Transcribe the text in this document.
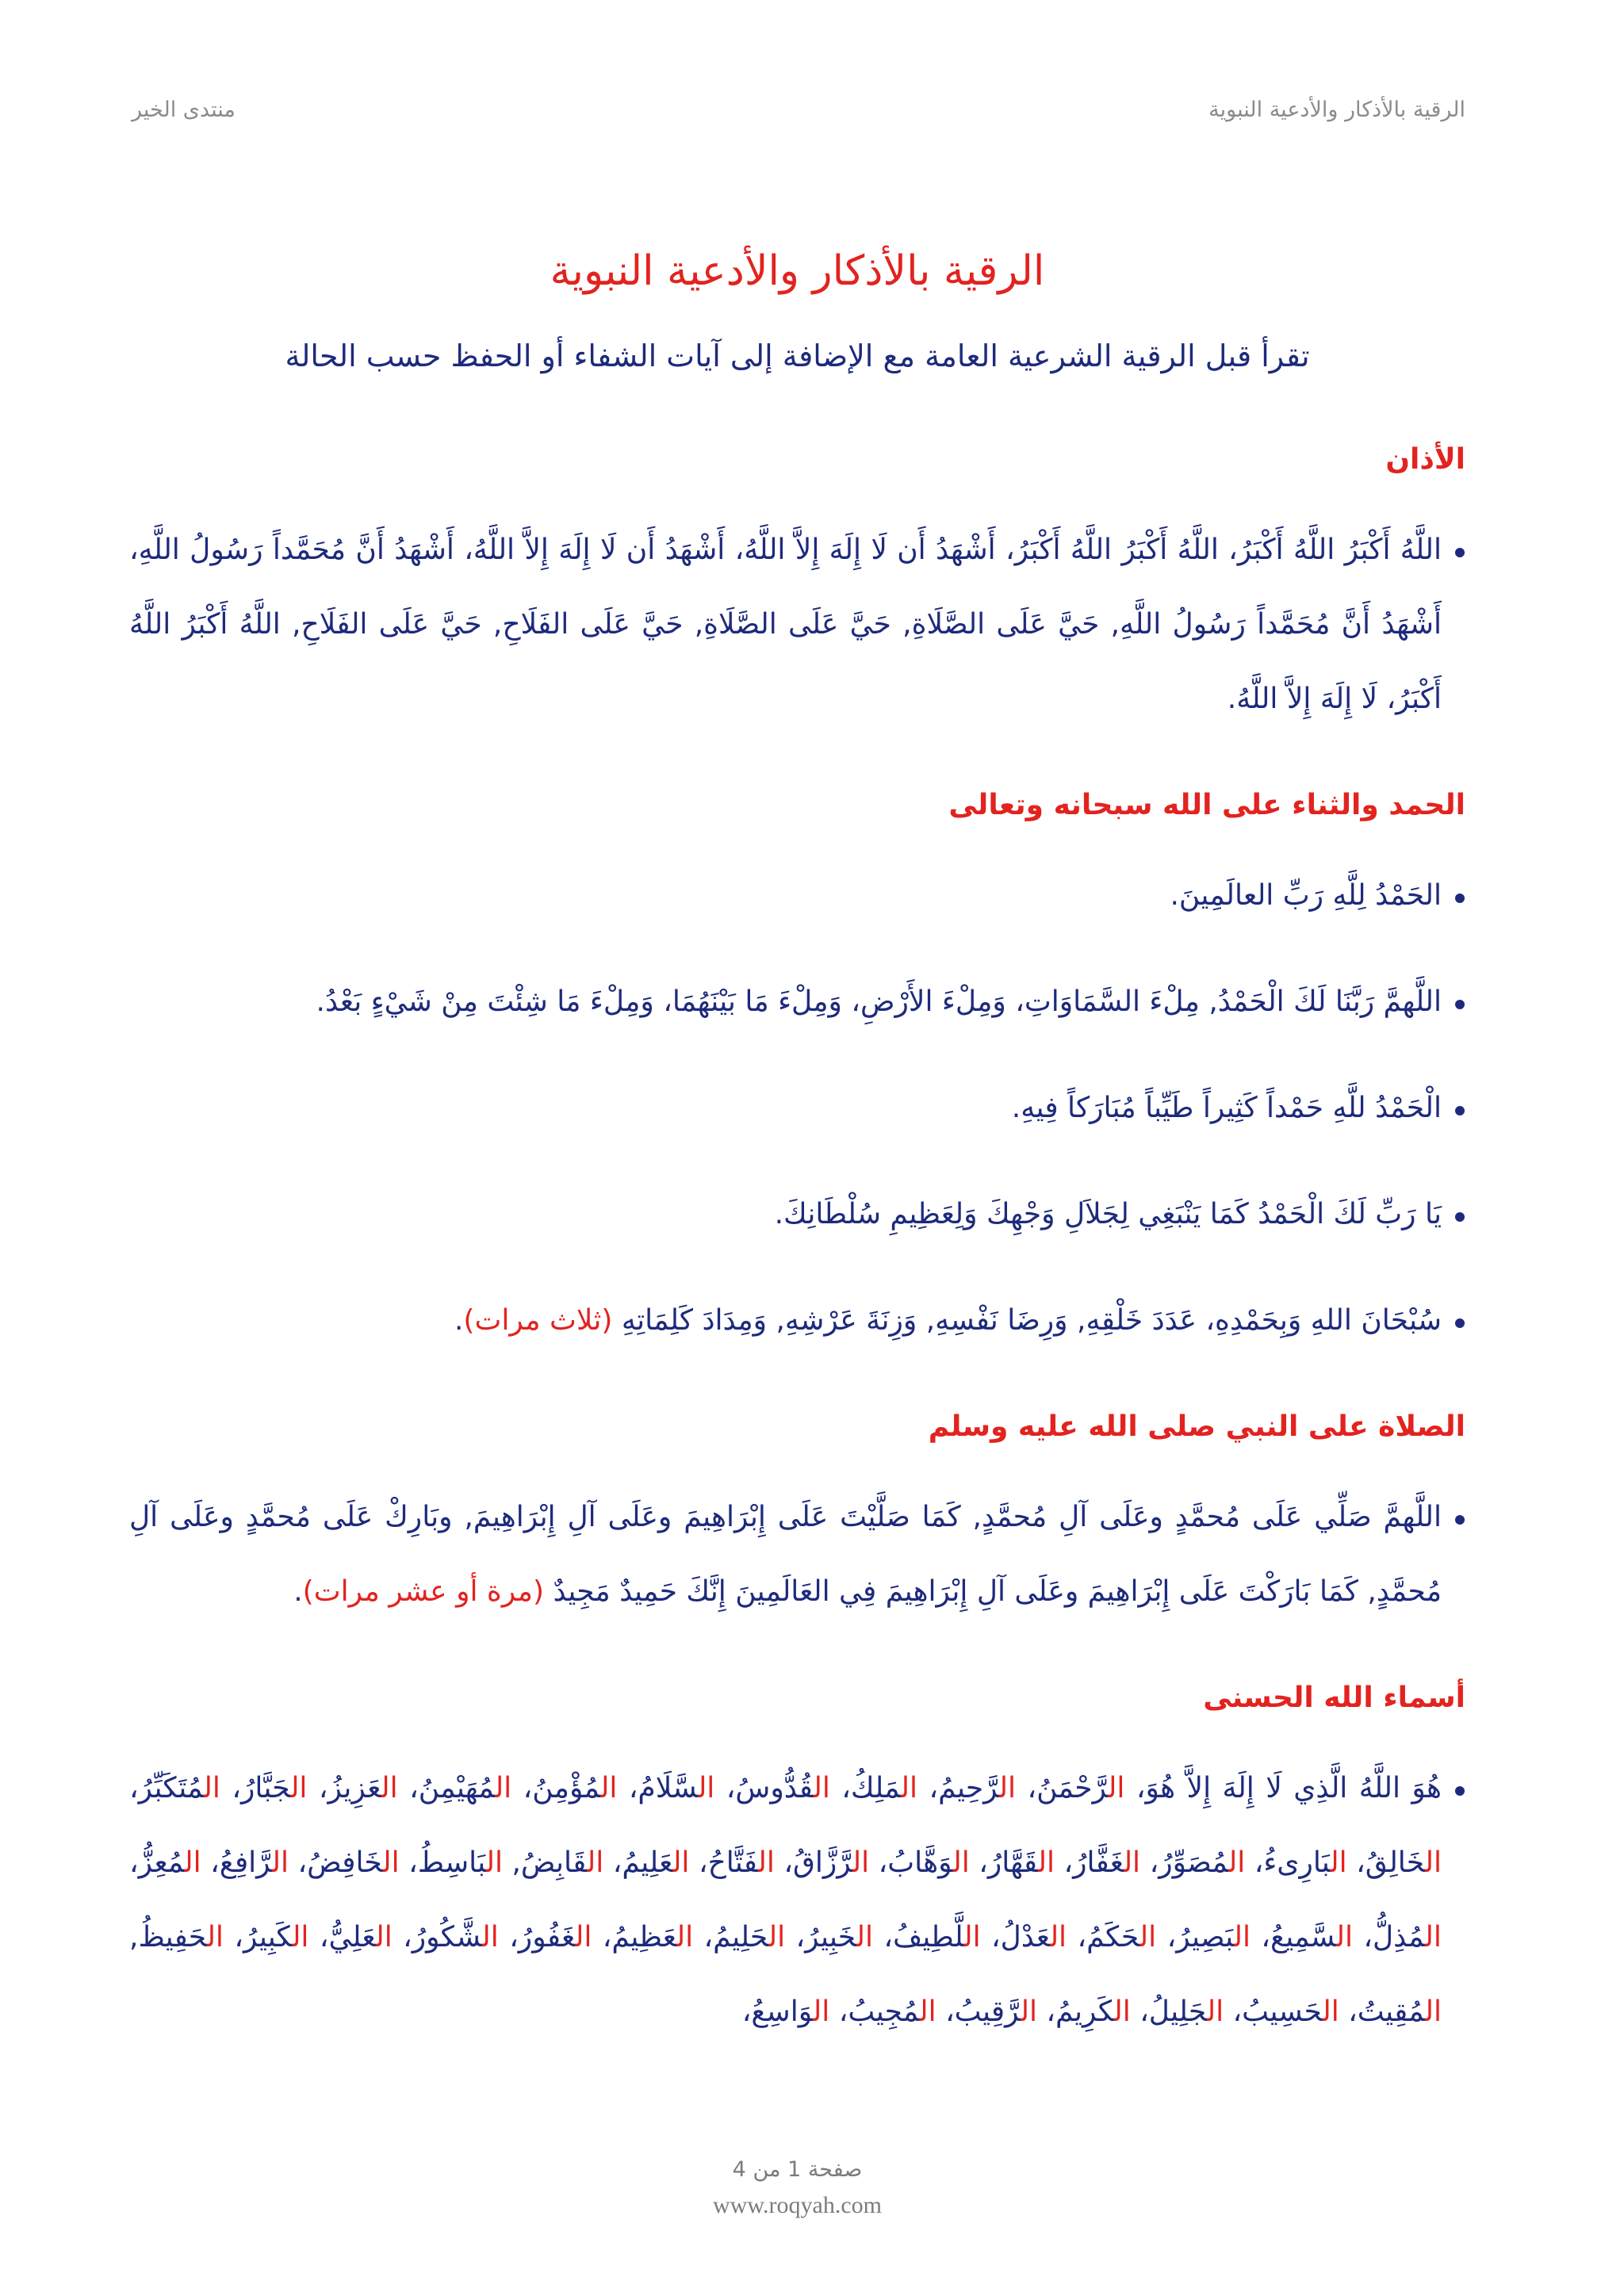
الرقية بالأذكار والأدعية النبوية
منتدى الخير
الرقية بالأذكار والأدعية النبوية

تقرأ قبل الرقية الشرعية العامة مع الإضافة إلى آيات الشفاء أو الحفظ حسب الحالة

الأذان
اللَّهُ أَكْبَرُ اللَّهُ أَكْبَرُ، اللَّهُ أَكْبَرُ اللَّهُ أَكْبَرُ، أَشْهَدُ أَن لَا إِلَهَ إِلاَّ اللَّهُ، أَشْهَدُ أَن لَا إِلَهَ إِلاَّ اللَّهُ، أَشْهَدُ أَنَّ مُحَمَّداً رَسُولُ اللَّهِ، أَشْهَدُ أَنَّ مُحَمَّداً رَسُولُ اللَّهِ, حَيَّ عَلَى الصَّلَاةِ, حَيَّ عَلَى الصَّلَاةِ, حَيَّ عَلَى الفَلَاحِ, حَيَّ عَلَى الفَلَاحِ, اللَّهُ أَكْبَرُ اللَّهُ أَكْبَرُ، لَا إِلَهَ إِلاَّ اللَّهُ.
الحمد والثناء على الله سبحانه وتعالى
الحَمْدُ لِلَّهِ رَبِّ العالَمِينَ.
اللَّهمَّ رَبَّنَا لَكَ الْحَمْدُ, مِلْءَ السَّمَاوَاتِ، وَمِلْءَ الأَرْضِ، وَمِلْءَ مَا بَيْنَهُمَا، وَمِلْءَ مَا شِئْتَ مِنْ شَيْءٍ بَعْدُ.
الْحَمْدُ للَّهِ حَمْداً كَثِيراً طَيِّباً مُبَارَكاً فِيهِ.
يَا رَبِّ لَكَ الْحَمْدُ كَمَا يَنْبَغِي لِجَلاَلِ وَجْهِكَ وَلِعَظِيمِ سُلْطَانِكَ.
سُبْحَانَ اللهِ وَبِحَمْدِهِ، عَدَدَ خَلْقِهِ, وَرِضَا نَفْسِهِ, وَزِنَةَ عَرْشِهِ, وَمِدَادَ كَلِمَاتِهِ (ثلاث مرات).
الصلاة على النبي صلى الله عليه وسلم
اللَّهمَّ صَلِّي عَلَى مُحمَّدٍ وعَلَى آلِ مُحمَّدٍ, كَمَا صَلَّيْتَ عَلَى إِبْرَاهِيمَ وعَلَى آلِ إِبْرَاهِيمَ, وبَارِكْ عَلَى مُحمَّدٍ وعَلَى آلِ مُحمَّدٍ, كَمَا بَارَكْتَ عَلَى إِبْرَاهِيمَ وعَلَى آلِ إِبْرَاهِيمَ فِي العَالَمِينَ إِنَّكَ حَمِيدٌ مَجِيدٌ (مرة أو عشر مرات).
أسماء الله الحسنى
هُوَ اللَّهُ الَّذِي لَا إِلَهَ إِلاَّ هُوَ، الرَّحْمَنُ، الرَّحِيمُ، المَلِكُ، القُدُّوسُ، السَّلَامُ، المُؤْمِنُ، المُهَيْمِنُ، العَزِيزُ، الجَبَّارُ، المُتَكَبِّرُ، الخَالِقُ، البَارِىءُ، المُصَوِّرُ، الغَفَّارُ، القَهَّارُ، الوَهَّابُ، الرَّزَّاقُ، الفَتَّاحُ، العَلِيمُ، القَابِضُ, البَاسِطُ، الخَافِضُ، الرَّافِعُ، المُعِزُّ، المُذِلُّ، السَّمِيعُ، البَصِيرُ، الحَكَمُ، العَدْلُ، اللَّطِيفُ، الخَبِيرُ، الحَلِيمُ، العَظِيمُ، الغَفُورُ، الشَّكُورُ، العَلِيُّ، الكَبِيرُ، الحَفِيظُ, المُقِيتُ، الحَسِيبُ، الجَلِيلُ، الكَرِيمُ، الرَّقِيبُ، المُجِيبُ، الوَاسِعُ،
صفحة 1 من 4
www.roqyah.com
